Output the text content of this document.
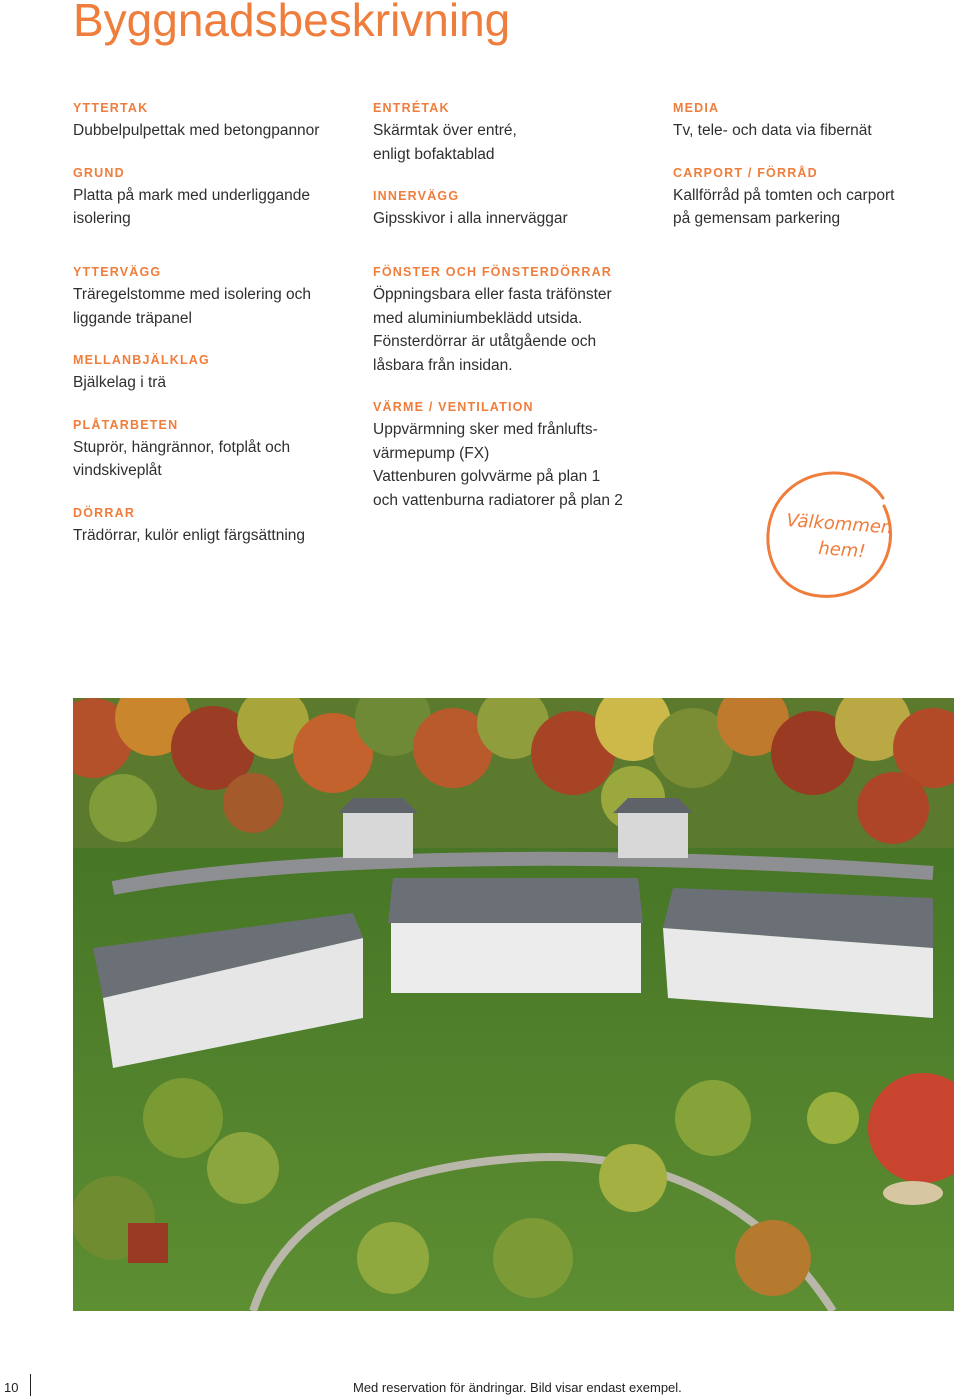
Byggnadsbeskrivning
YTTERTAK
Dubbelpulpettak med betongpannor
GRUND
Platta på mark med underliggande
isolering
YTTERVÄGG
Träregelstomme med isolering och
liggande träpanel
MELLANBJÄLKLAG
Bjälkelag i trä
PLÅTARBETEN
Stuprör, hängrännor, fotplåt och
vindskiveplåt
DÖRRAR
Trädörrar, kulör enligt färgsättning
ENTRÉTAK
Skärmtak över entré,
enligt bofaktablad
INNERVÄGG
Gipsskivor i alla innerväggar
FÖNSTER OCH FÖNSTERDÖRRAR
Öppningsbara eller fasta träfönster
med aluminiumbeklädd utsida.
Fönsterdörrar är utåtgående och
låsbara från insidan.
VÄRME / VENTILATION
Uppvärmning sker med frånlufts-
värmepump (FX)
Vattenburen golvvärme på plan 1
och vattenburna radiatorer på plan 2
MEDIA
Tv, tele- och data via fibernät
CARPORT / FÖRRÅD
Kallförråd på tomten och carport
på gemensam parkering
Välkommen
hem!
10	Med reservation för ändringar. Bild visar endast exempel.
